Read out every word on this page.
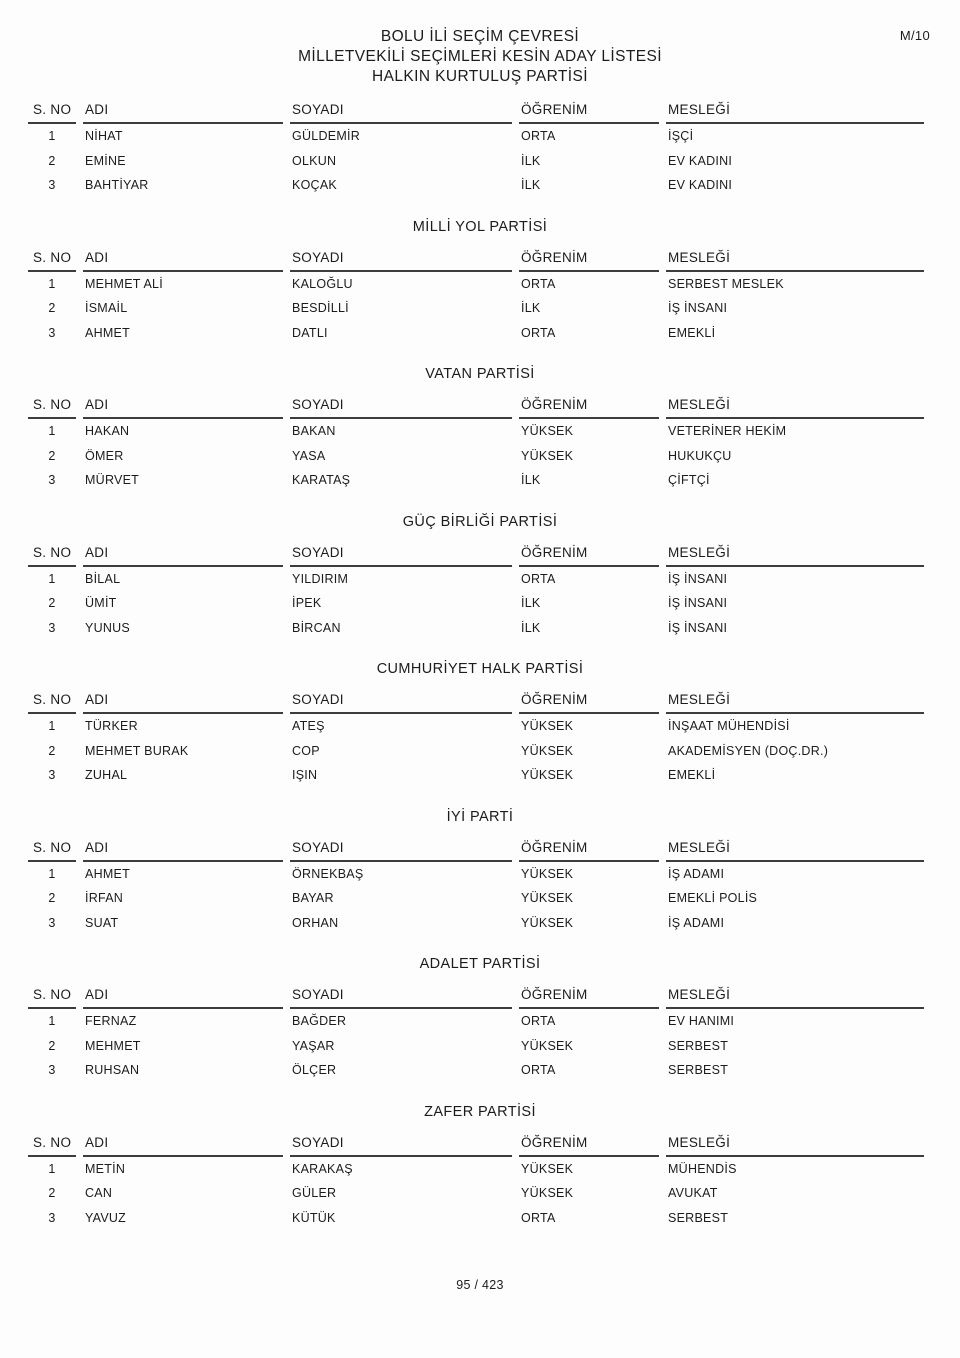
M/10
BOLU İLİ SEÇİM ÇEVRESİ
MİLLETVEKİLİ SEÇİMLERİ KESİN ADAY LİSTESİ
HALKIN KURTULUŞ PARTİSİ
S. NO	ADI	SOYADI	ÖĞRENİM	MESLEĞİ
1	NİHAT	GÜLDEMİR	ORTA	İŞÇİ
2	EMİNE	OLKUN	İLK	EV KADINI
3	BAHTİYAR	KOÇAK	İLK	EV KADINI
MİLLİ YOL PARTİSİ
S. NO	ADI	SOYADI	ÖĞRENİM	MESLEĞİ
1	MEHMET ALİ	KALOĞLU	ORTA	SERBEST MESLEK
2	İSMAİL	BESDİLLİ	İLK	İŞ İNSANI
3	AHMET	DATLI	ORTA	EMEKLİ
VATAN PARTİSİ
S. NO	ADI	SOYADI	ÖĞRENİM	MESLEĞİ
1	HAKAN	BAKAN	YÜKSEK	VETERİNER HEKİM
2	ÖMER	YASA	YÜKSEK	HUKUKÇU
3	MÜRVET	KARATAŞ	İLK	ÇİFTÇİ
GÜÇ BİRLİĞİ PARTİSİ
S. NO	ADI	SOYADI	ÖĞRENİM	MESLEĞİ
1	BİLAL	YILDIRIM	ORTA	İŞ İNSANI
2	ÜMİT	İPEK	İLK	İŞ İNSANI
3	YUNUS	BİRCAN	İLK	İŞ İNSANI
CUMHURİYET HALK PARTİSİ
S. NO	ADI	SOYADI	ÖĞRENİM	MESLEĞİ
1	TÜRKER	ATEŞ	YÜKSEK	İNŞAAT MÜHENDİSİ
2	MEHMET BURAK	COP	YÜKSEK	AKADEMİSYEN (DOÇ.DR.)
3	ZUHAL	IŞIN	YÜKSEK	EMEKLİ
İYİ PARTİ
S. NO	ADI	SOYADI	ÖĞRENİM	MESLEĞİ
1	AHMET	ÖRNEKBAŞ	YÜKSEK	İŞ ADAMI
2	İRFAN	BAYAR	YÜKSEK	EMEKLİ POLİS
3	SUAT	ORHAN	YÜKSEK	İŞ ADAMI
ADALET PARTİSİ
S. NO	ADI	SOYADI	ÖĞRENİM	MESLEĞİ
1	FERNAZ	BAĞDER	ORTA	EV HANIMI
2	MEHMET	YAŞAR	YÜKSEK	SERBEST
3	RUHSAN	ÖLÇER	ORTA	SERBEST
ZAFER PARTİSİ
S. NO	ADI	SOYADI	ÖĞRENİM	MESLEĞİ
1	METİN	KARAKAŞ	YÜKSEK	MÜHENDİS
2	CAN	GÜLER	YÜKSEK	AVUKAT
3	YAVUZ	KÜTÜK	ORTA	SERBEST
95 / 423
